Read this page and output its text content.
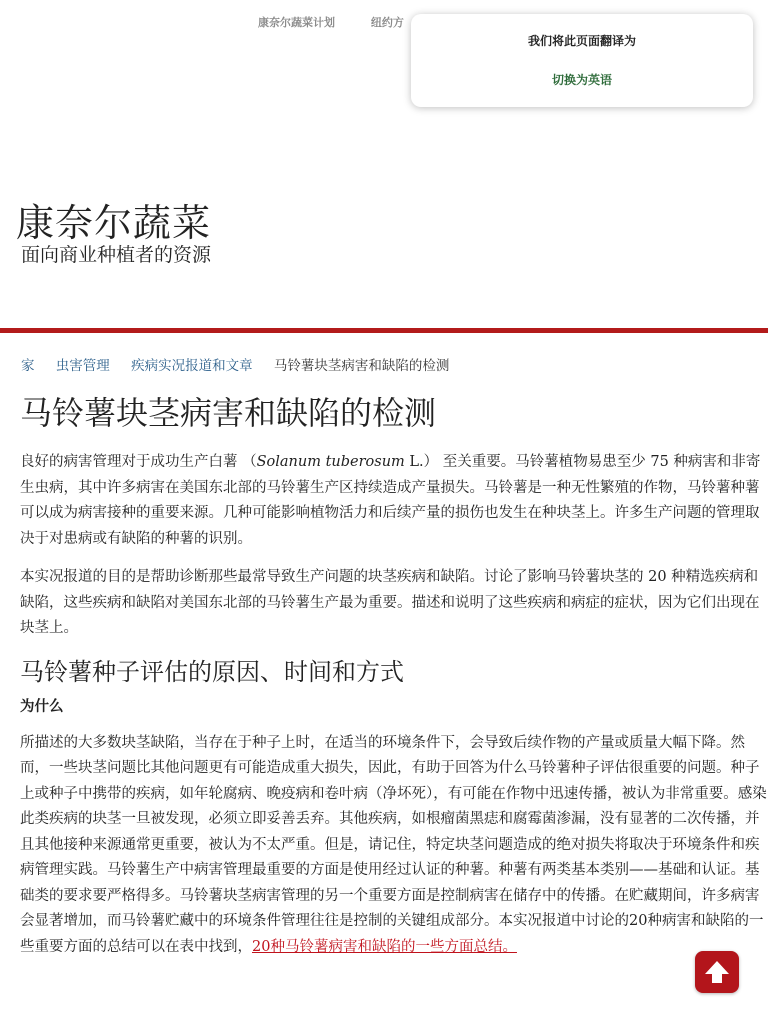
康奈尔蔬菜计划	纽约方
我们将此页面翻译为
切换为英语
康奈尔蔬菜
面向商业种植者的资源
家 虫害管理 疾病实况报道和文章 马铃薯块茎病害和缺陷的检测
马铃薯块茎病害和缺陷的检测

良好的病害管理对于成功生产白薯 （Solanum tuberosum L.） 至关重要。马铃薯植物易患至少 75 种病害和非寄生虫病，其中许多病害在美国东北部的马铃薯生产区持续造成产量损失。马铃薯是一种无性繁殖的作物，马铃薯种薯可以成为病害接种的重要来源。几种可能影响植物活力和后续产量的损伤也发生在种块茎上。许多生产问题的管理取决于对患病或有缺陷的种薯的识别。

本实况报道的目的是帮助诊断那些最常导致生产问题的块茎疾病和缺陷。讨论了影响马铃薯块茎的 20 种精选疾病和缺陷，这些疾病和缺陷对美国东北部的马铃薯生产最为重要。描述和说明了这些疾病和病症的症状，因为它们出现在块茎上。

马铃薯种子评估的原因、时间和方式
为什么

所描述的大多数块茎缺陷，当存在于种子上时，在适当的环境条件下，会导致后续作物的产量或质量大幅下降。然而，一些块茎问题比其他问题更有可能造成重大损失，因此，有助于回答为什么马铃薯种子评估很重要的问题。种子上或种子中携带的疾病，如年轮腐病、晚疫病和卷叶病（净坏死），有可能在作物中迅速传播，被认为非常重要。感染此类疾病的块茎一旦被发现，必须立即妥善丢弃。其他疾病，如根瘤菌黑痣和腐霉菌渗漏，没有显著的二次传播，并且其他接种来源通常更重要，被认为不太严重。但是，请记住，特定块茎问题造成的绝对损失将取决于环境条件和疾病管理实践。马铃薯生产中病害管理最重要的方面是使用经过认证的种薯。种薯有两类基本类别——基础和认证。基础类的要求要严格得多。马铃薯块茎病害管理的另一个重要方面是控制病害在储存中的传播。在贮藏期间，许多病害会显著增加，而马铃薯贮藏中的环境条件管理往往是控制的关键组成部分。本实况报道中讨论的20种病害和缺陷的一些重要方面的总结可以在表中找到，20种马铃薯病害和缺陷的一些方面总结。
